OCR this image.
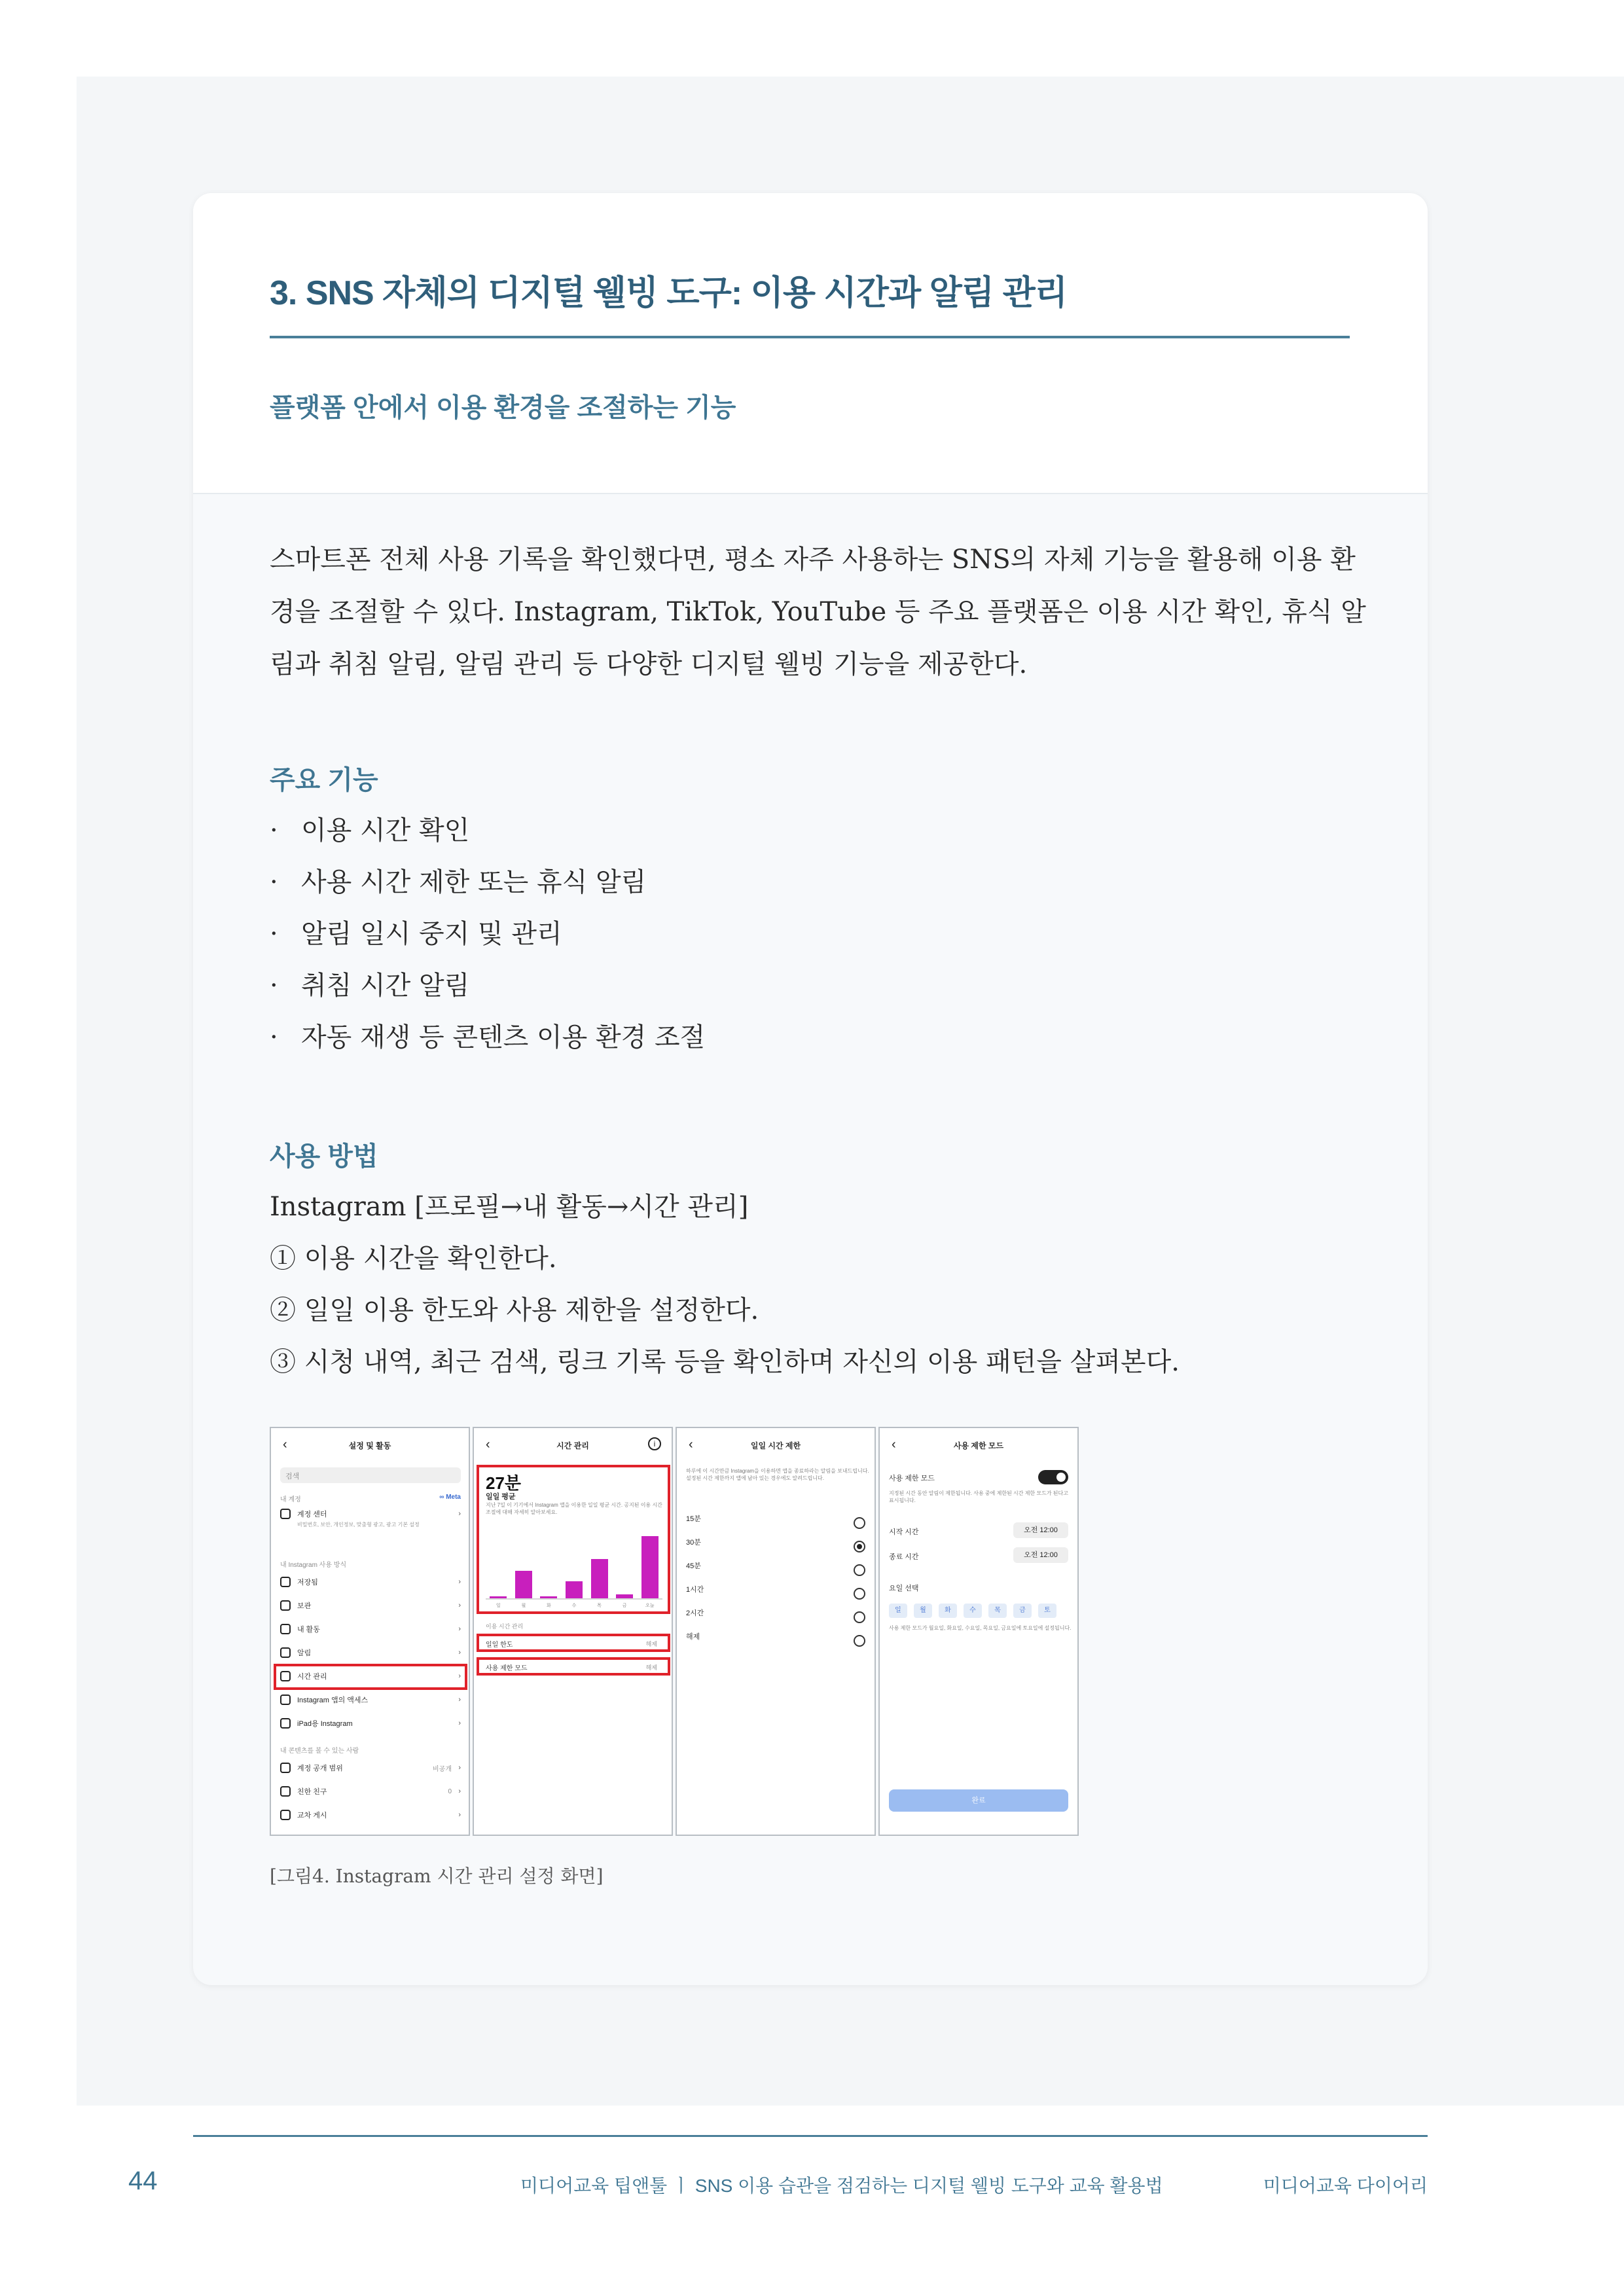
3. SNS 자체의 디지털 웰빙 도구: 이용 시간과 알림 관리
플랫폼 안에서 이용 환경을 조절하는 기능

스마트폰 전체 사용 기록을 확인했다면, 평소 자주 사용하는 SNS의 자체 기능을 활용해 이용 환경을 조절할 수 있다. Instagram, TikTok, YouTube 등 주요 플랫폼은 이용 시간 확인, 휴식 알림과 취침 알림, 알림 관리 등 다양한 디지털 웰빙 기능을 제공한다.

주요 기능
· 이용 시간 확인
· 사용 시간 제한 또는 휴식 알림
· 알림 일시 중지 및 관리
· 취침 시간 알림
· 자동 재생 등 콘텐츠 이용 환경 조절
사용 방법
Instagram [프로필→내 활동→시간 관리]
① 이용 시간을 확인한다.
② 일일 이용 한도와 사용 제한을 설정한다.
③ 시청 내역, 최근 검색, 링크 기록 등을 확인하며 자신의 이용 패턴을 살펴본다.
‹	설정 및 활동
검색
내 계정	∞ Meta
계정 센터	›
비밀번호, 보안, 개인정보, 맞춤형 광고, 광고 기본 설정
내 Instagram 사용 방식
저장됨	›
보관	›
내 활동	›
알림	›
시간 관리	›
Instagram 앱의 액세스	›
iPad용 Instagram	›
내 콘텐츠를 볼 수 있는 사람
계정 공개 범위	비공개 ›
친한 친구	0 ›
교차 게시	›
‹	시간 관리	i
27분
일일 평균
지난 7일 이 기기에서 Instagram 앱을 이용한 일일 평균 시간. 공지된 이용 시간 조절에 대해 자세히 알아보세요.
일	월	화	수	목	금	오늘
이용 시간 관리
일일 한도	해제
사용 제한 모드	해제
‹	일일 시간 제한
하루에 이 시간만큼 Instagram을 이용하면 앱을 종료하라는 알림을 보내드립니다. 설정된 시간 제한까지 앱에 남아 있는 경우에도 알려드립니다.
15분
30분
45분
1시간
2시간
해제
‹	사용 제한 모드
사용 제한 모드
지정된 시간 동안 알림이 제한됩니다. 사용 중에 제한된 시간 제한 모드가 된다고 표시됩니다.
시작 시간	오전 12:00
종료 시간	오전 12:00
요일 선택
일	월	화	수	목	금	토
사용 제한 모드가 월요일, 화요일, 수요일, 목요일, 금요일에 토요일에 설정됩니다.
완료
[그림4. Instagram 시간 관리 설정 화면]
44	미디어교육 팁앤툴 ㅣ SNS 이용 습관을 점검하는 디지털 웰빙 도구와 교육 활용법	미디어교육 다이어리
